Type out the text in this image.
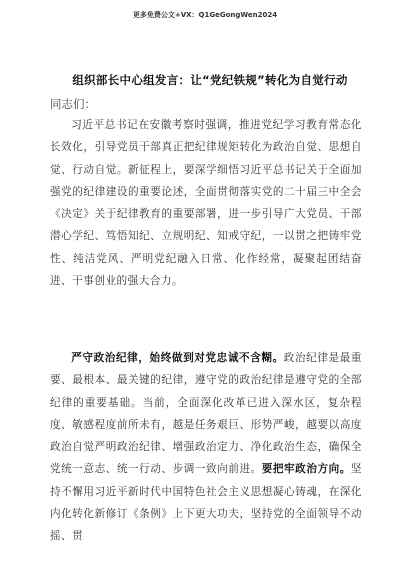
更多免费公文+VX：Q1GeGongWen2024
组织部长中心组发言：让“党纪铁规”转化为自觉行动
同志们：
习近平总书记在安徽考察时强调，推进党纪学习教育常态化长效化，引导党员干部真正把纪律规矩转化为政治自觉、思想自觉、行动自觉。新征程上，要深学细悟习近平总书记关于全面加强党的纪律建设的重要论述，全面贯彻落实党的二十届三中全会《决定》关于纪律教育的重要部署，进一步引导广大党员、干部潜心学纪、笃悟知纪、立规明纪、知戒守纪，一以贯之把铸牢党性、纯洁党风、严明党纪融入日常、化作经常，凝聚起团结奋进、干事创业的强大合力。
严守政治纪律，始终做到对党忠诚不含糊。政治纪律是最重要、最根本、最关键的纪律，遵守党的政治纪律是遵守党的全部纪律的重要基础。当前，全面深化改革已进入深水区，复杂程度、敏感程度前所未有，越是任务艰巨、形势严峻，越要以高度政治自觉严明政治纪律、增强政治定力、净化政治生态，确保全党统一意志、统一行动、步调一致向前进。要把牢政治方向。坚持不懈用习近平新时代中国特色社会主义思想凝心铸魂，在深化内化转化新修订《条例》上下更大功夫，坚持党的全面领导不动摇、贯
